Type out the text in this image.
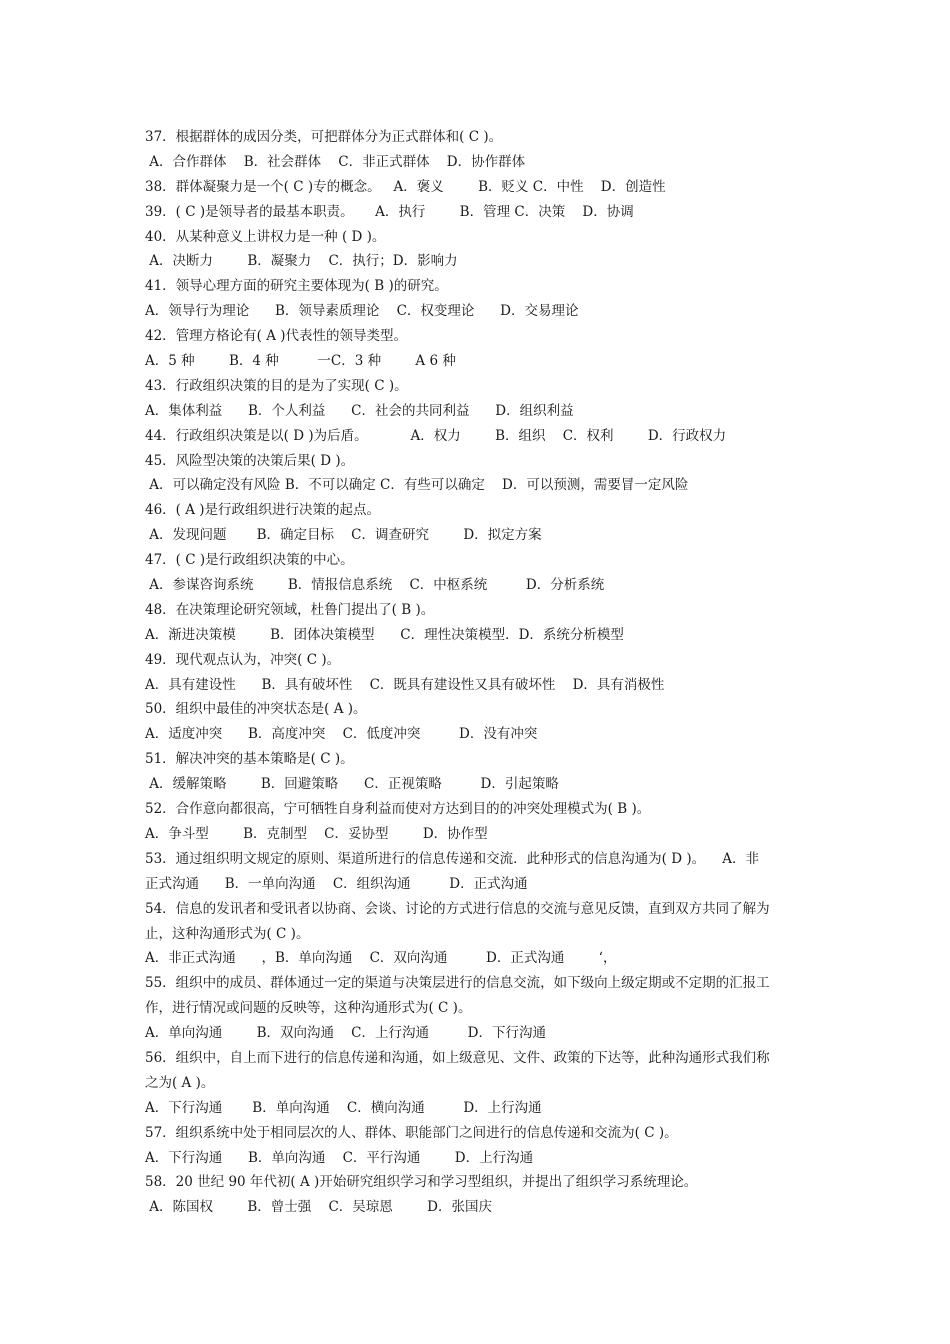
37．根据群体的成因分类，可把群体分为正式群体和( C )。
A．合作群体    B．社会群体    C．非正式群体    D．协作群体
38．群体凝聚力是一个( C )专的概念。   A．褒义        B．贬义 C．中性    D．创造性
39．( C )是领导者的最基本职责。     A．执行        B．管理 C．决策    D．协调
40．从某种意义上讲权力是一种 ( D )。
A．决断力        B．凝聚力    C．执行；D．影响力
41．领导心理方面的研究主要体现为( B )的研究。
A．领导行为理论      B．领导素质理论    C．权变理论      D．交易理论
42．管理方格论有( A )代表性的领导类型。
A．5 种        B．4 种         一C．3 种        A 6 种
43．行政组织决策的目的是为了实现( C )。
A．集体利益      B．个人利益      C．社会的共同利益      D．组织利益
44．行政组织决策是以( D )为后盾。          A．权力        B．组织    C．权利        D．行政权力
45．风险型决策的决策后果( D )。
A．可以确定没有风险 B．不可以确定 C．有些可以确定    D．可以预测，需要冒一定风险
46．( A )是行政组织进行决策的起点。
A．发现问题       B．确定目标    C．调查研究        D．拟定方案
47．( C )是行政组织决策的中心。
A．参谋咨询系统        B．情报信息系统    C．中枢系统         D．分析系统
48．在决策理论研究领域，杜鲁门提出了( B )。
A．渐进决策模        B．团体决策模型      C．理性决策模型．D．系统分析模型
49．现代观点认为，冲突( C )。
A．具有建设性      B．具有破坏性    C．既具有建设性又具有破坏性    D．具有消极性
50．组织中最佳的冲突状态是( A )。
A．适度冲突      B．高度冲突    C．低度冲突         D．没有冲突
51．解决冲突的基本策略是( C )。
A．缓解策略        B．回避策略      C．正视策略         D．引起策略
52．合作意向都很高，宁可牺牲自身利益而使对方达到目的的冲突处理模式为( B )。
A．争斗型        B．克制型    C．妥协型        D．协作型
53．通过组织明文规定的原则、渠道所进行的信息传递和交流．此种形式的信息沟通为( D )。    A．非
正式沟通      B．一单向沟通    C．组织沟通         D．正式沟通
54．信息的发讯者和受讯者以协商、会谈、讨论的方式进行信息的交流与意见反馈，直到双方共同了解为
止，这种沟通形式为( C )。
A．非正式沟通      ，B．单向沟通    C．双向沟通         D．正式沟通        ‘，
55．组织中的成员、群体通过一定的渠道与决策层进行的信息交流，如下级向上级定期或不定期的汇报工
作，进行情况或问题的反映等，这种沟通形式为( C )。
A．单向沟通        B．双向沟通    C．上行沟通         D．下行沟通
56．组织中，自上而下进行的信息传递和沟通，如上级意见、文件、政策的下达等，此种沟通形式我们称
之为( A )。
A．下行沟通       B．单向沟通    C．横向沟通         D．上行沟通
57．组织系统中处于相同层次的人、群体、职能部门之间进行的信息传递和交流为( C )。
A．下行沟通      B．单向沟通    C．平行沟通        D．上行沟通
58．20 世纪 90 年代初( A )开始研究组织学习和学习型组织，并提出了组织学习系统理论。
A．陈国权        B．曾士强    C．吴琼恩        D．张国庆
